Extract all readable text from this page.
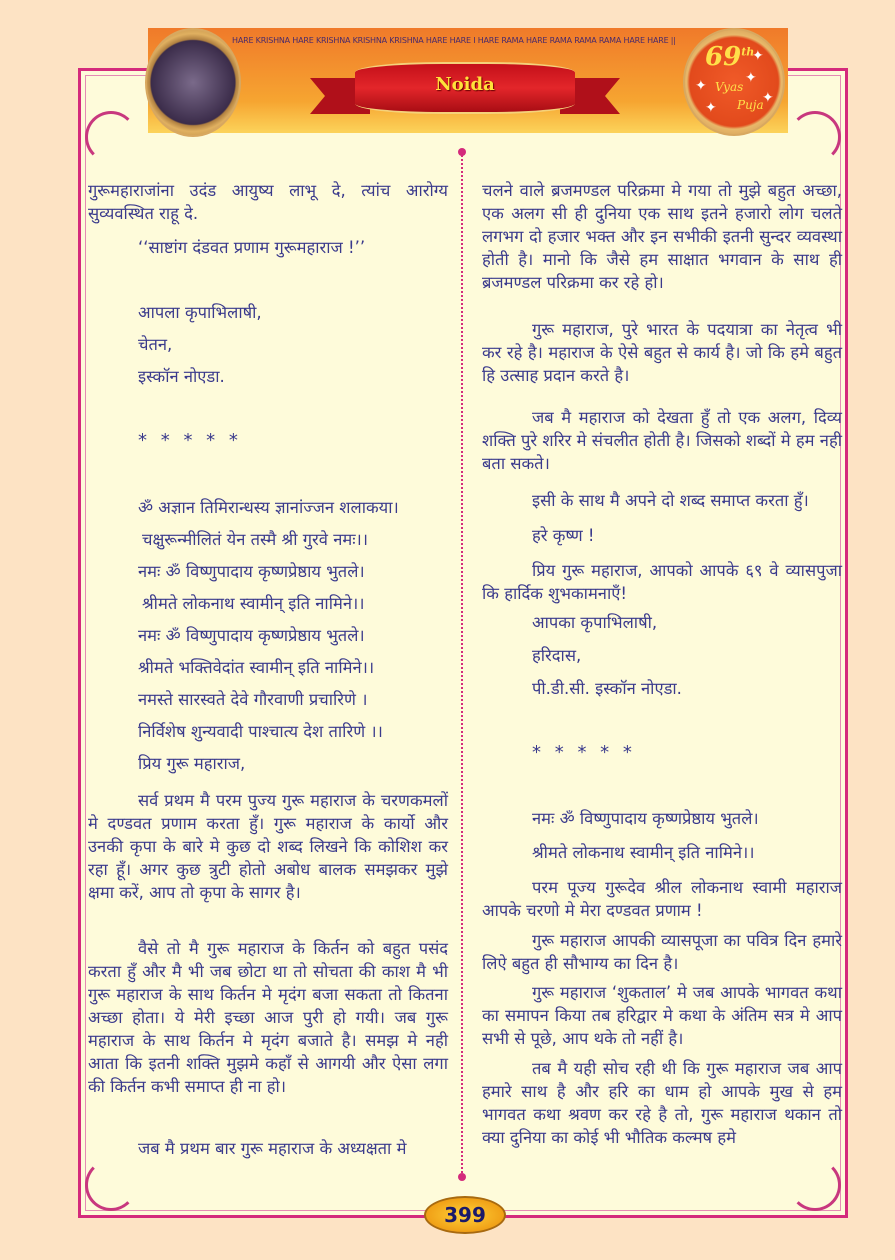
HARE KRISHNA HARE KRISHNA KRISHNA KRISHNA HARE HARE I HARE RAMA HARE RAMA RAMA RAMA HARE HARE ||
Noida
69th
Vyas
Puja
✦
✦	✦
✦
✦
गुरूमहाराजांना उदंड आयुष्य लाभू दे, त्यांच आरोग्य सुव्यवस्थित राहू दे.
‘‘साष्टांग दंडवत प्रणाम गुरूमहाराज !’’
आपला कृपाभिलाषी,
चेतन,
इस्कॉन नोएडा.
* * * * *
ॐ अज्ञान तिमिरान्धस्य ज्ञानांज्जन शलाकया।
चक्षुरून्मीलितं येन तस्मै श्री गुरवे नमः।।
नमः ॐ विष्णुपादाय कृष्णप्रेष्ठाय भुतले।
श्रीमते लोकनाथ स्वामीन् इति नामिने।।
नमः ॐ विष्णुपादाय कृष्णप्रेष्ठाय भुतले।
श्रीमते भक्तिवेदांत स्वामीन् इति नामिने।।
नमस्ते सारस्वते देवे गौरवाणी प्रचारिणे ।
निर्विशेष शुन्यवादी पाश्चात्य देश तारिणे ।।
प्रिय गुरू महाराज,
सर्व प्रथम मै परम पुज्य गुरू महाराज के चरणकमलों मे दण्डवत प्रणाम करता हुँ। गुरू महाराज के कार्यो और उनकी कृपा के बारे मे कुछ दो शब्द लिखने कि कोशिश कर रहा हूँ। अगर कुछ त्रुटी होतो अबोध बालक समझकर मुझे क्षमा करें, आप तो कृपा के सागर है।
वैसे तो मै गुरू महाराज के किर्तन को बहुत पसंद करता हुँ और मै भी जब छोटा था तो सोचता की काश मै भी गुरू महाराज के साथ किर्तन मे मृदंग बजा सकता तो कितना अच्छा होता। ये मेरी इच्छा आज पुरी हो गयी। जब गुरू महाराज के साथ किर्तन मे मृदंग बजाते है। समझ मे नही आता कि इतनी शक्ति मुझमे कहाँ से आगयी और ऐसा लगा की किर्तन कभी समाप्त ही ना हो।
जब मै प्रथम बार गुरू महाराज के अध्यक्षता मे
चलने वाले ब्रजमण्डल परिक्रमा मे गया तो मुझे बहुत अच्छा, एक अलग सी ही दुनिया एक साथ इतने हजारो लोग चलते लगभग दो हजार भक्त और इन सभीकी इतनी सुन्दर व्यवस्था होती है। मानो कि जैसे हम साक्षात भगवान के साथ ही ब्रजमण्डल परिक्रमा कर रहे हो।
गुरू महाराज, पुरे भारत के पदयात्रा का नेतृत्व भी कर रहे है। महाराज के ऐसे बहुत से कार्य है। जो कि हमे बहुत हि उत्साह प्रदान करते है।
जब मै महाराज को देखता हुँ तो एक अलग, दिव्य शक्ति पुरे शरिर मे संचलीत होती है। जिसको शब्दों मे हम नही बता सकते।
इसी के साथ मै अपने दो शब्द समाप्त करता हुँ।
हरे कृष्ण !
प्रिय गुरू महाराज, आपको आपके ६९ वे व्यासपुजा कि हार्दिक शुभकामनाएँ!
आपका कृपाभिलाषी,
हरिदास,
पी.डी.सी. इस्कॉन नोएडा.
* * * * *
नमः ॐ विष्णुपादाय कृष्णप्रेष्ठाय भुतले।
श्रीमते लोकनाथ स्वामीन् इति नामिने।।
परम पूज्य गुरूदेव श्रील लोकनाथ स्वामी महाराज आपके चरणो मे मेरा दण्डवत प्रणाम !
गुरू महाराज आपकी व्यासपूजा का पवित्र दिन हमारे लिऐ बहुत ही सौभाग्य का दिन है।
गुरू महाराज ‘शुकताल’ मे जब आपके भागवत कथा का समापन किया तब हरिद्वार मे कथा के अंतिम सत्र मे आप सभी से पूछे, आप थके तो नहीं है।
तब मै यही सोच रही थी कि गुरू महाराज जब आप हमारे साथ है और हरि का धाम हो आपके मुख से हम भागवत कथा श्रवण कर रहे है तो, गुरू महाराज थकान तो क्या दुनिया का कोई भी भौतिक कल्मष हमे
399
